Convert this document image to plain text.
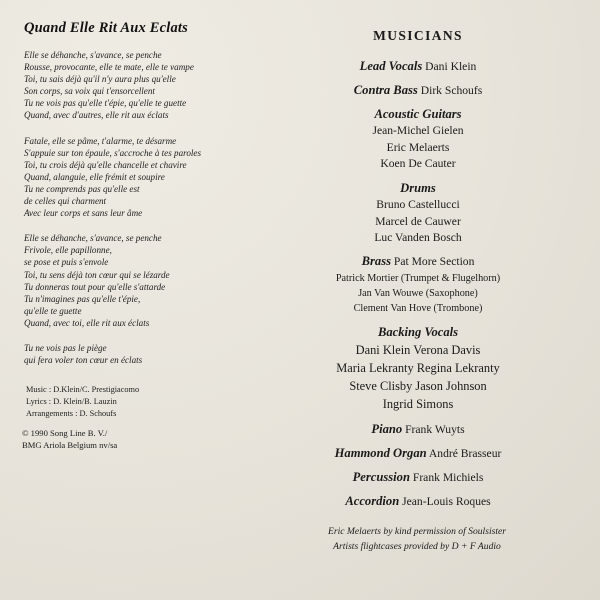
Quand Elle Rit Aux Eclats
Elle se déhanche, s'avance, se penche
Rousse, provocante, elle te mate, elle te vampe
Toi, tu sais déjà qu'il n'y aura plus qu'elle
Son corps, sa voix qui t'ensorcellent
Tu ne vois pas qu'elle t'épie, qu'elle te guette
Quand, avec d'autres, elle rit aux éclats
Fatale, elle se pâme, t'alarme, te désarme
S'appuie sur ton épaule, s'accroche à tes paroles
Toi, tu crois déjà qu'elle chancelle et chavire
Quand, alanguie, elle frémit et soupire
Tu ne comprends pas qu'elle est
de celles qui charment
Avec leur corps et sans leur âme
Elle se déhanche, s'avance, se penche
Frivole, elle papillonne,
se pose et puis s'envole
Toi, tu sens déjà ton cœur qui se lézarde
Tu donneras tout pour qu'elle s'attarde
Tu n'imagines pas qu'elle t'épie,
qu'elle te guette
Quand, avec toi, elle rit aux éclats
Tu ne vois pas le piège
qui fera voler ton cœur en éclats
Music : D.Klein/C. Prestigiacomo
Lyrics : D. Klein/B. Lauzin
Arrangements : D. Schoufs
© 1990 Song Line B. V./
BMG Ariola Belgium nv/sa
MUSICIANS
Lead Vocals Dani Klein
Contra Bass Dirk Schoufs
Acoustic Guitars
Jean-Michel Gielen
Eric Melaerts
Koen De Cauter
Drums
Bruno Castellucci
Marcel de Cauwer
Luc Vanden Bosch
Brass Pat More Section
Patrick Mortier (Trumpet & Flugelhorn)
Jan Van Wouwe (Saxophone)
Clement Van Hove (Trombone)
Backing Vocals
Dani Klein Verona Davis
Maria Lekranty Regina Lekranty
Steve Clisby Jason Johnson
Ingrid Simons
Piano Frank Wuyts
Hammond Organ André Brasseur
Percussion Frank Michiels
Accordion Jean-Louis Roques
Eric Melaerts by kind permission of Soulsister
Artists flightcases provided by D + F Audio
